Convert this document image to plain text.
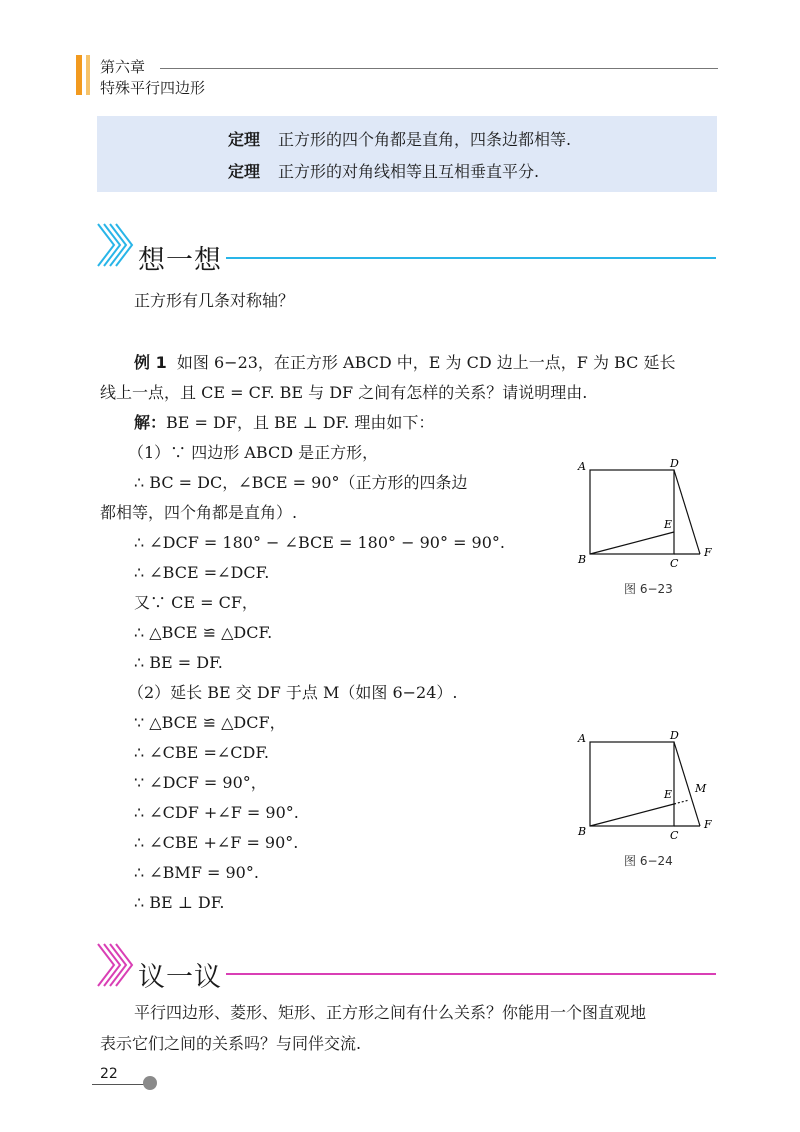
第六章
特殊平行四边形
定理 正方形的四个角都是直角，四条边都相等.
定理 正方形的对角线相等且互相垂直平分.
想一想
正方形有几条对称轴？
例 1 如图 6−23，在正方形 ABCD 中，E 为 CD 边上一点，F 为 BC 延长
线上一点，且 CE = CF. BE 与 DF 之间有怎样的关系？请说明理由.
解：BE = DF，且 BE ⊥ DF. 理由如下：
（1）∵ 四边形 ABCD 是正方形，
∴ BC = DC，∠BCE = 90°（正方形的四条边
都相等，四个角都是直角）.
∴ ∠DCF = 180° − ∠BCE = 180° − 90° = 90°.
∴ ∠BCE =∠DCF.
又∵ CE = CF，
∴ △BCE ≌ △DCF.
∴ BE = DF.
（2）延长 BE 交 DF 于点 M（如图 6−24）.
∵ △BCE ≌ △DCF，
∴ ∠CBE =∠CDF.
∵ ∠DCF = 90°，
∴ ∠CDF +∠F = 90°.
∴ ∠CBE +∠F = 90°.
∴ ∠BMF = 90°.
∴ BE ⊥ DF.
A	D
E
B	C
F
图 6−23
A	D
E M
B	C
F
图 6−24
议一议
平行四边形、菱形、矩形、正方形之间有什么关系？你能用一个图直观地
表示它们之间的关系吗？与同伴交流.
22
